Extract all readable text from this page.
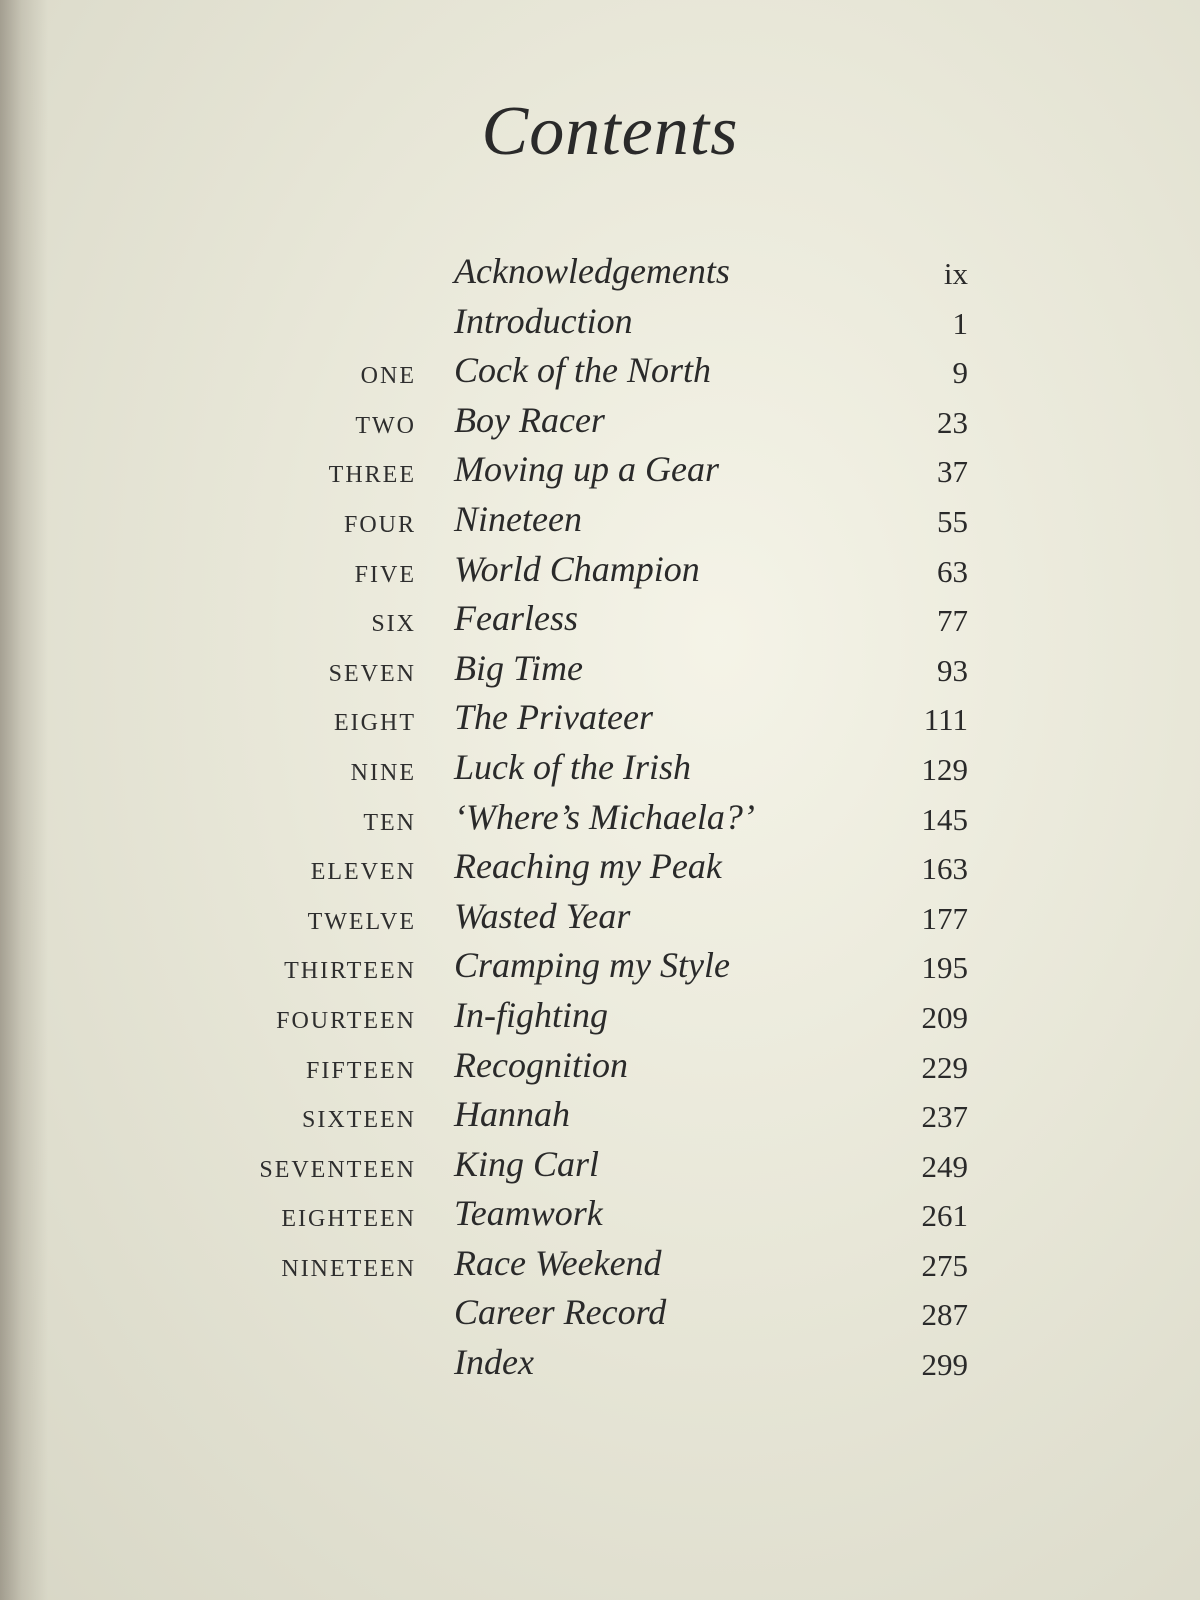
Contents
Acknowledgements	ix
Introduction	1
ONE Cock of the North	9
TWO Boy Racer	23
THREE Moving up a Gear	37
FOUR Nineteen	55
FIVE World Champion	63
SIX Fearless	77
SEVEN Big Time	93
EIGHT The Privateer	111
NINE Luck of the Irish	129
TEN ‘Where’s Michaela?’	145
ELEVEN Reaching my Peak	163
TWELVE Wasted Year	177
THIRTEEN Cramping my Style	195
FOURTEEN In-fighting	209
FIFTEEN Recognition	229
SIXTEEN Hannah	237
SEVENTEEN King Carl	249
EIGHTEEN Teamwork	261
NINETEEN Race Weekend	275
Career Record	287
Index	299
